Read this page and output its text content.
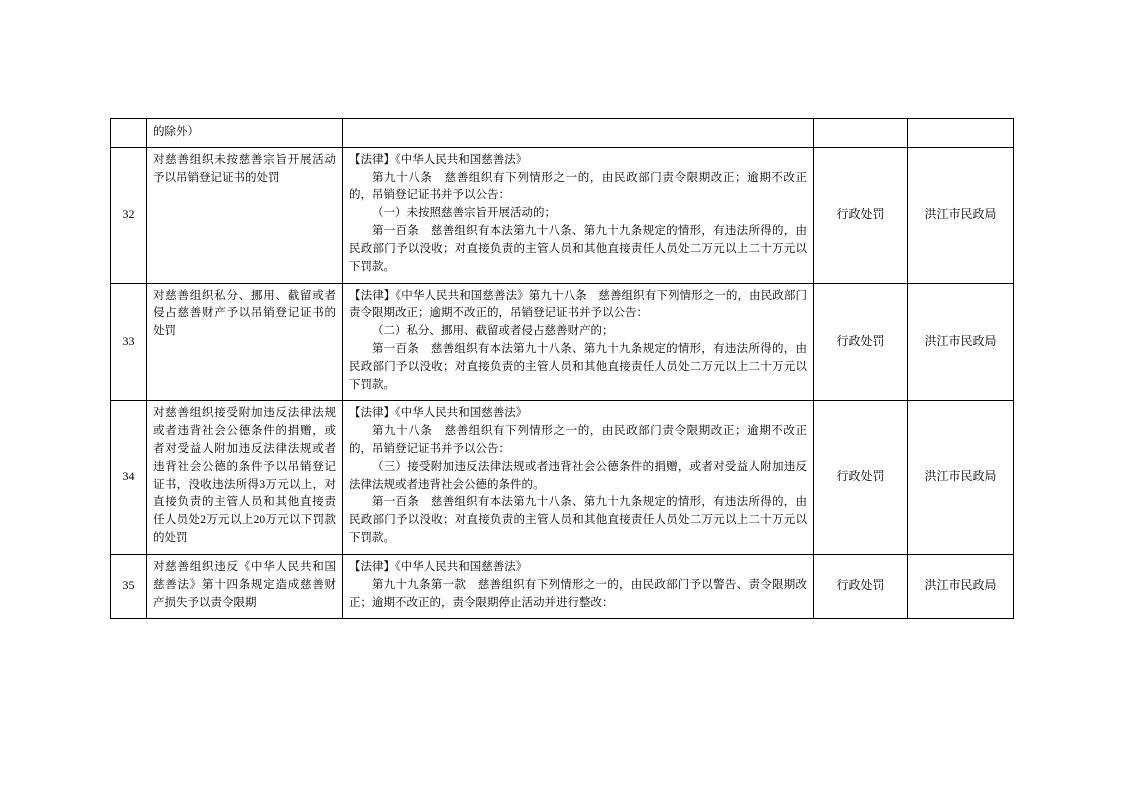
	的除外）			
32	对慈善组织未按慈善宗旨开展活动予以吊销登记证书的处罚	【法律】《中华人民共和国慈善法》

第九十八条　慈善组织有下列情形之一的，由民政部门责令限期改正；逾期不改正的，吊销登记证书并予以公告：

（一）未按照慈善宗旨开展活动的；

第一百条　慈善组织有本法第九十八条、第九十九条规定的情形，有违法所得的，由民政部门予以没收；对直接负责的主管人员和其他直接责任人员处二万元以上二十万元以下罚款。	行政处罚	洪江市民政局
33	对慈善组织私分、挪用、截留或者侵占慈善财产予以吊销登记证书的处罚	【法律】《中华人民共和国慈善法》第九十八条　慈善组织有下列情形之一的，由民政部门责令限期改正；逾期不改正的，吊销登记证书并予以公告：

（二）私分、挪用、截留或者侵占慈善财产的；

第一百条　慈善组织有本法第九十八条、第九十九条规定的情形，有违法所得的，由民政部门予以没收；对直接负责的主管人员和其他直接责任人员处二万元以上二十万元以下罚款。	行政处罚	洪江市民政局
34	对慈善组织接受附加违反法律法规或者违背社会公德条件的捐赠，或者对受益人附加违反法律法规或者违背社会公德的条件予以吊销登记证书，没收违法所得3万元以上，对直接负责的主管人员和其他直接责任人员处2万元以上20万元以下罚款的处罚	【法律】《中华人民共和国慈善法》

第九十八条　慈善组织有下列情形之一的，由民政部门责令限期改正；逾期不改正的，吊销登记证书并予以公告：

（三）接受附加违反法律法规或者违背社会公德条件的捐赠，或者对受益人附加违反法律法规或者违背社会公德的条件的。

第一百条　慈善组织有本法第九十八条、第九十九条规定的情形，有违法所得的，由民政部门予以没收；对直接负责的主管人员和其他直接责任人员处二万元以上二十万元以下罚款。	行政处罚	洪江市民政局
35	对慈善组织违反《中华人民共和国慈善法》第十四条规定造成慈善财产损失予以责令限期	【法律】《中华人民共和国慈善法》

第九十九条第一款　慈善组织有下列情形之一的，由民政部门予以警告、责令限期改正；逾期不改正的，责令限期停止活动并进行整改：	行政处罚	洪江市民政局
